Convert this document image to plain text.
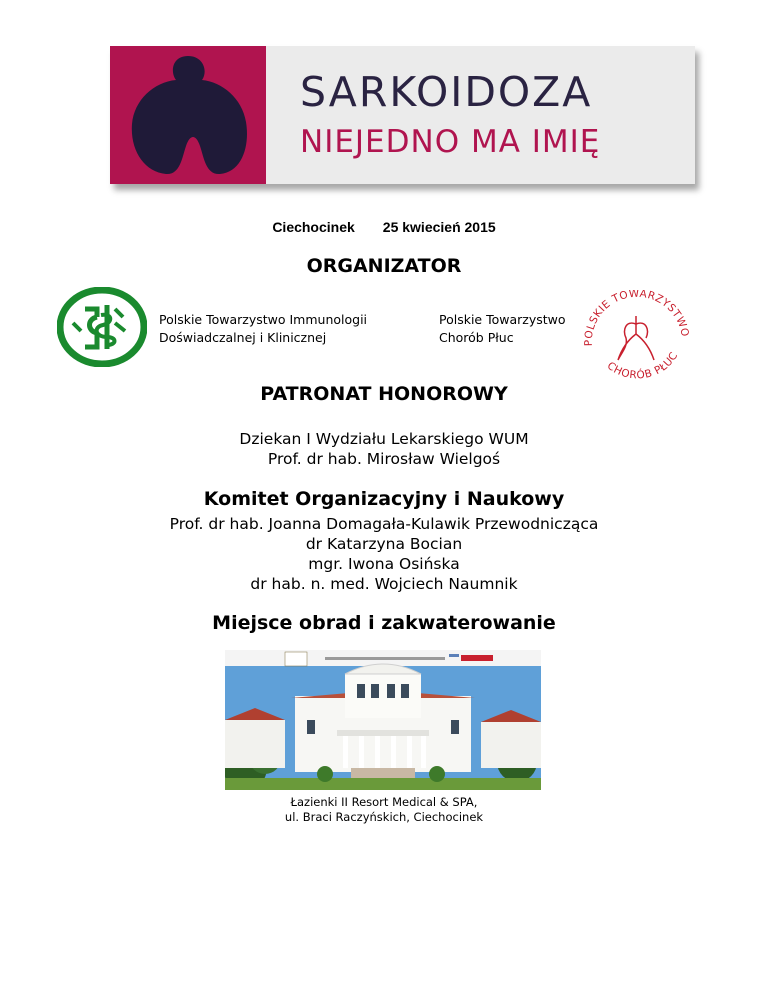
SARKOIDOZA
NIEJEDNO MA IMIĘ
Ciechocinek 25 kwiecień 2015
ORGANIZATOR
Polskie Towarzystwo Immunologii
Doświadczalnej i Klinicznej
Polskie Towarzystwo
Chorób Płuc	POLSKIE TOWARZYSTWO
CHORÓB PŁUC
PATRONAT HONOROWY
Dziekan I Wydziału Lekarskiego WUM
Prof. dr hab. Mirosław Wielgoś
Komitet Organizacyjny i Naukowy
Prof. dr hab. Joanna Domagała-Kulawik Przewodnicząca
dr Katarzyna Bocian
mgr. Iwona Osińska
dr hab. n. med. Wojciech Naumnik
Miejsce obrad i zakwaterowanie
Łazienki II Resort Medical & SPA,
ul. Braci Raczyńskich, Ciechocinek
